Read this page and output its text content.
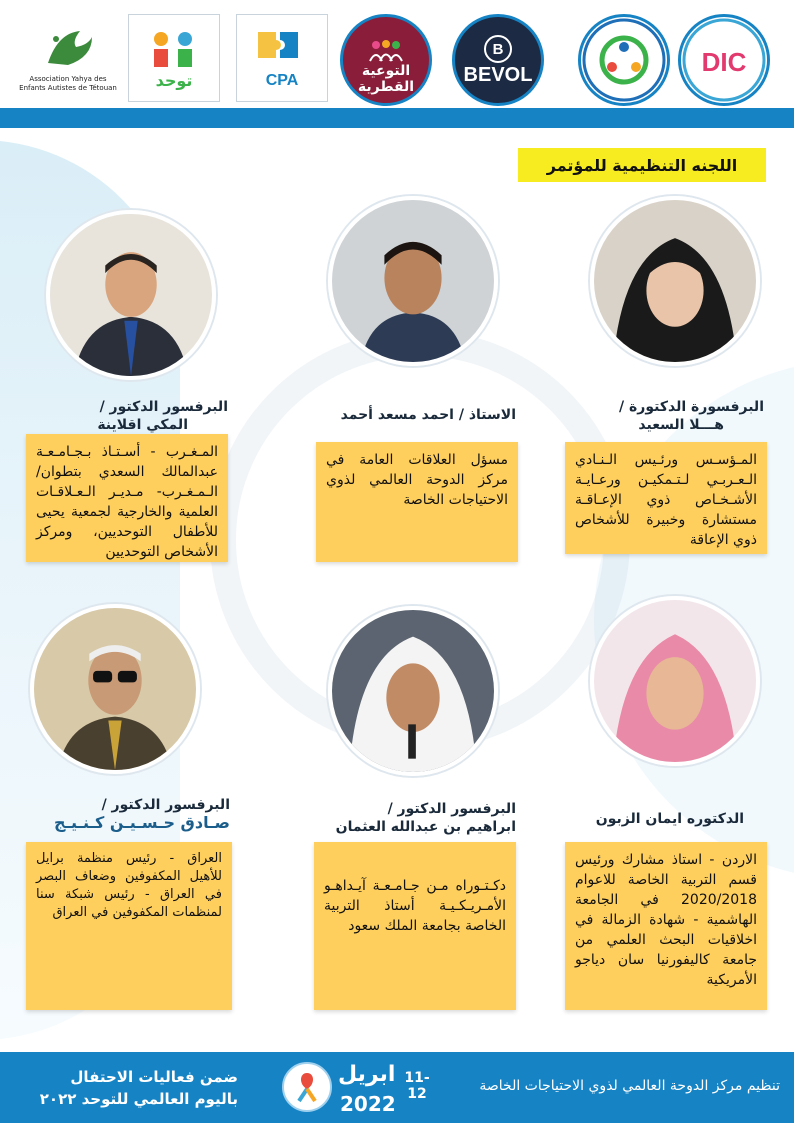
DIC
B
BEVOL
التوعية القطرية
CPA
توحد
Association Yahya des Enfants Autistes de Tétouan
اللجنه التنظيمية للمؤتمر
البرفسورة الدكتورة /
هـــلا السعيد
الاستاذ / احمد مسعد أحمد
البرفسور الدكتور /
المكي اقلاينة
المـؤسـس ورئـيس الـنـادي الـعـربـي لـتـمكيـن ورعـايـة الأشـخـاص ذوي الإعـاقـة مستشارة وخبيرة للأشخاص ذوي الإعاقة
مسؤل العلاقات العامة في مركز الدوحة العالمي لذوي الاحتياجات الخاصة
المـغـرب - أسـتـاذ بـجـامـعـة عبدالمالك السعدي بتطوان/ الـمـغـرب- مـديـر الـعـلاقـات العلمية والخارجية لجمعية يحيى للأطفال التوحديين، ومركز الأشخاص التوحديين
الدكتوره ايمان الزبون
البرفسور الدكتور /
ابراهيم بن عبدالله العثمان
البرفسور الدكتور /
صـادق حـسـيـن كـنـيـج
الاردن - استاذ مشارك ورئيس قسم التربية الخاصة للاعوام 2020/2018 في الجامعة الهاشمية - شهادة الزمالة في اخلاقيات البحث العلمي من جامعة كاليفورنيا سان دياجو الأمريكية
دكـتـوراه مـن جـامـعـة آيـداهـو الأمـريـكـيـة أستاذ التربية الخاصة بجامعة الملك سعود
العراق - رئيس منظمة برايل للأهيل المكفوفين وضعاف البصر في العراق - رئيس شبكة سنا لمنظمات المكفوفين في العراق
تنظيم مركز الدوحة العالمي لذوي الاحتياجات الخاصة
11-12
ابريل
2022
ضمن فعاليات الاحتفال
باليوم العالمي للتوحد ٢٠٢٢
